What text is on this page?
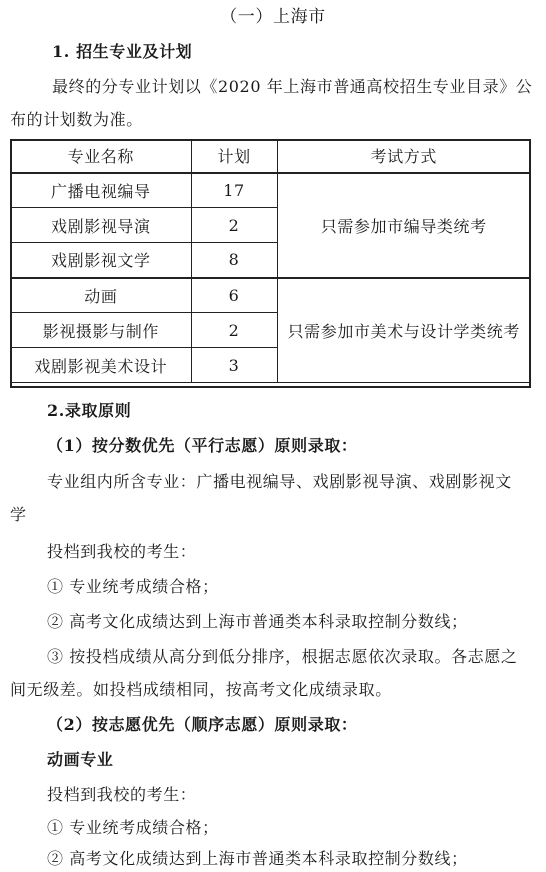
（一）上海市
1. 招生专业及计划
最终的分专业计划以《2020 年上海市普通高校招生专业目录》公
布的计划数为准。
专业名称	计划	考试方式
广播电视编导	17	只需参加市编导类统考
戏剧影视导演	2	
戏剧影视文学	8	
动画	6	只需参加市美术与设计学类统考
影视摄影与制作	2	
戏剧影视美术设计	3	
2.录取原则
（1）按分数优先（平行志愿）原则录取：
专业组内所含专业：广播电视编导、戏剧影视导演、戏剧影视文
学
投档到我校的考生：
① 专业统考成绩合格；
② 高考文化成绩达到上海市普通类本科录取控制分数线；
③ 按投档成绩从高分到低分排序，根据志愿依次录取。各志愿之
间无级差。如投档成绩相同，按高考文化成绩录取。
（2）按志愿优先（顺序志愿）原则录取：
动画专业
投档到我校的考生：
① 专业统考成绩合格；
② 高考文化成绩达到上海市普通类本科录取控制分数线；
